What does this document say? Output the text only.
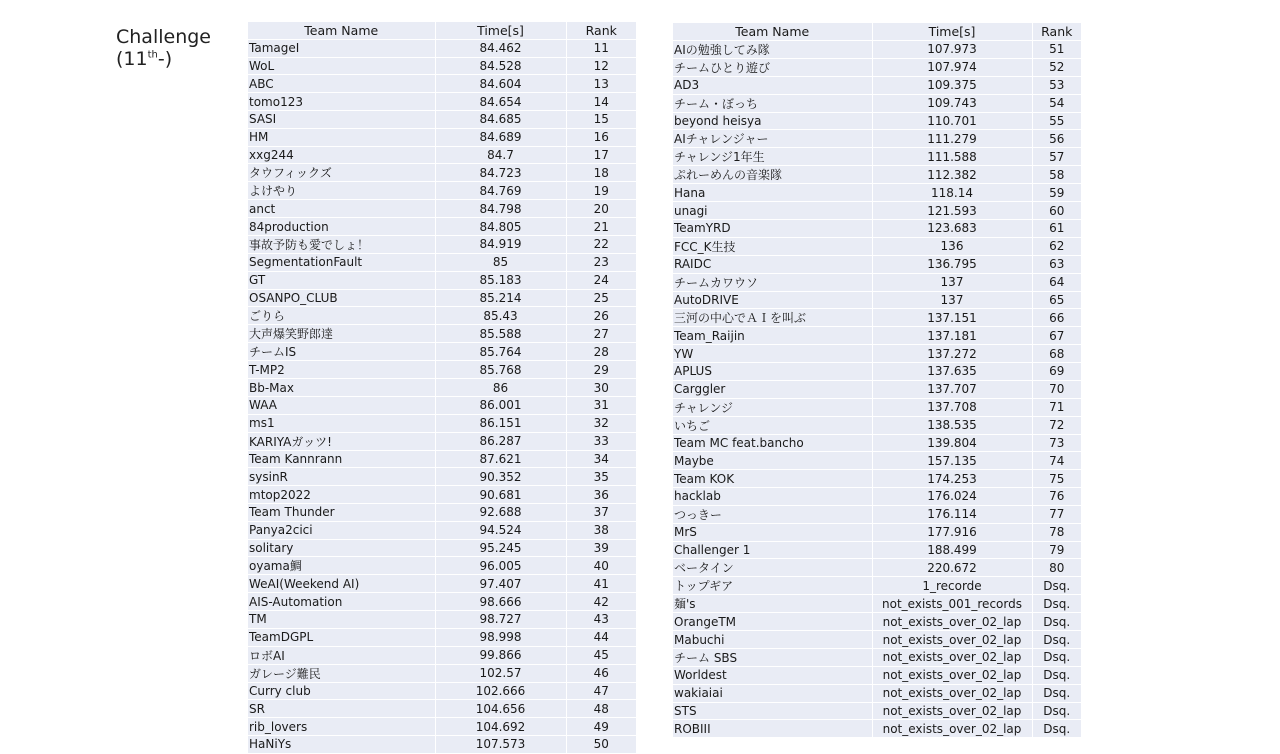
Challenge
(11th-)
Team Name	Time[s]	Rank
TamageI	84.462	11
WoL	84.528	12
ABC	84.604	13
tomo123	84.654	14
SASI	84.685	15
HM	84.689	16
xxg244	84.7	17
タウフィックズ	84.723	18
よけやり	84.769	19
anct	84.798	20
84production	84.805	21
事故予防も愛でしょ！	84.919	22
SegmentationFault	85	23
GT	85.183	24
OSANPO_CLUB	85.214	25
ごりら	85.43	26
大声爆笑野郎達	85.588	27
チームIS	85.764	28
T-MP2	85.768	29
Bb-Max	86	30
WAA	86.001	31
ms1	86.151	32
KARIYAガッツ!	86.287	33
Team Kannrann	87.621	34
sysinR	90.352	35
mtop2022	90.681	36
Team Thunder	92.688	37
Panya2cici	94.524	38
solitary	95.245	39
oyama鯛	96.005	40
WeAI(Weekend AI)	97.407	41
AIS-Automation	98.666	42
TM	98.727	43
TeamDGPL	98.998	44
ロボAI	99.866	45
ガレージ難民	102.57	46
Curry club	102.666	47
SR	104.656	48
rib_lovers	104.692	49
HaNiYs	107.573	50
Team Name	Time[s]	Rank
AIの勉強してみ隊	107.973	51
チームひとり遊び	107.974	52
AD3	109.375	53
チーム・ぼっち	109.743	54
beyond heisya	110.701	55
AIチャレンジャー	111.279	56
チャレンジ1年生	111.588	57
ぷれーめんの音楽隊	112.382	58
Hana	118.14	59
unagi	121.593	60
TeamYRD	123.683	61
FCC_K生技	136	62
RAIDC	136.795	63
チームカワウソ	137	64
AutoDRIVE	137	65
三河の中心でＡＩを叫ぶ	137.151	66
Team_Raijin	137.181	67
YW	137.272	68
APLUS	137.635	69
Carggler	137.707	70
チャレンジ	137.708	71
いちご	138.535	72
Team MC feat.bancho	139.804	73
Maybe	157.135	74
Team KOK	174.253	75
hacklab	176.024	76
つっきー	176.114	77
MrS	177.916	78
Challenger 1	188.499	79
ベータイン	220.672	80
トップギア	1_recorde	Dsq.
麺's	not_exists_001_records	Dsq.
OrangeTM	not_exists_over_02_lap	Dsq.
Mabuchi	not_exists_over_02_lap	Dsq.
チーム SBS	not_exists_over_02_lap	Dsq.
Worldest	not_exists_over_02_lap	Dsq.
wakiaiai	not_exists_over_02_lap	Dsq.
STS	not_exists_over_02_lap	Dsq.
ROBIII	not_exists_over_02_lap	Dsq.
